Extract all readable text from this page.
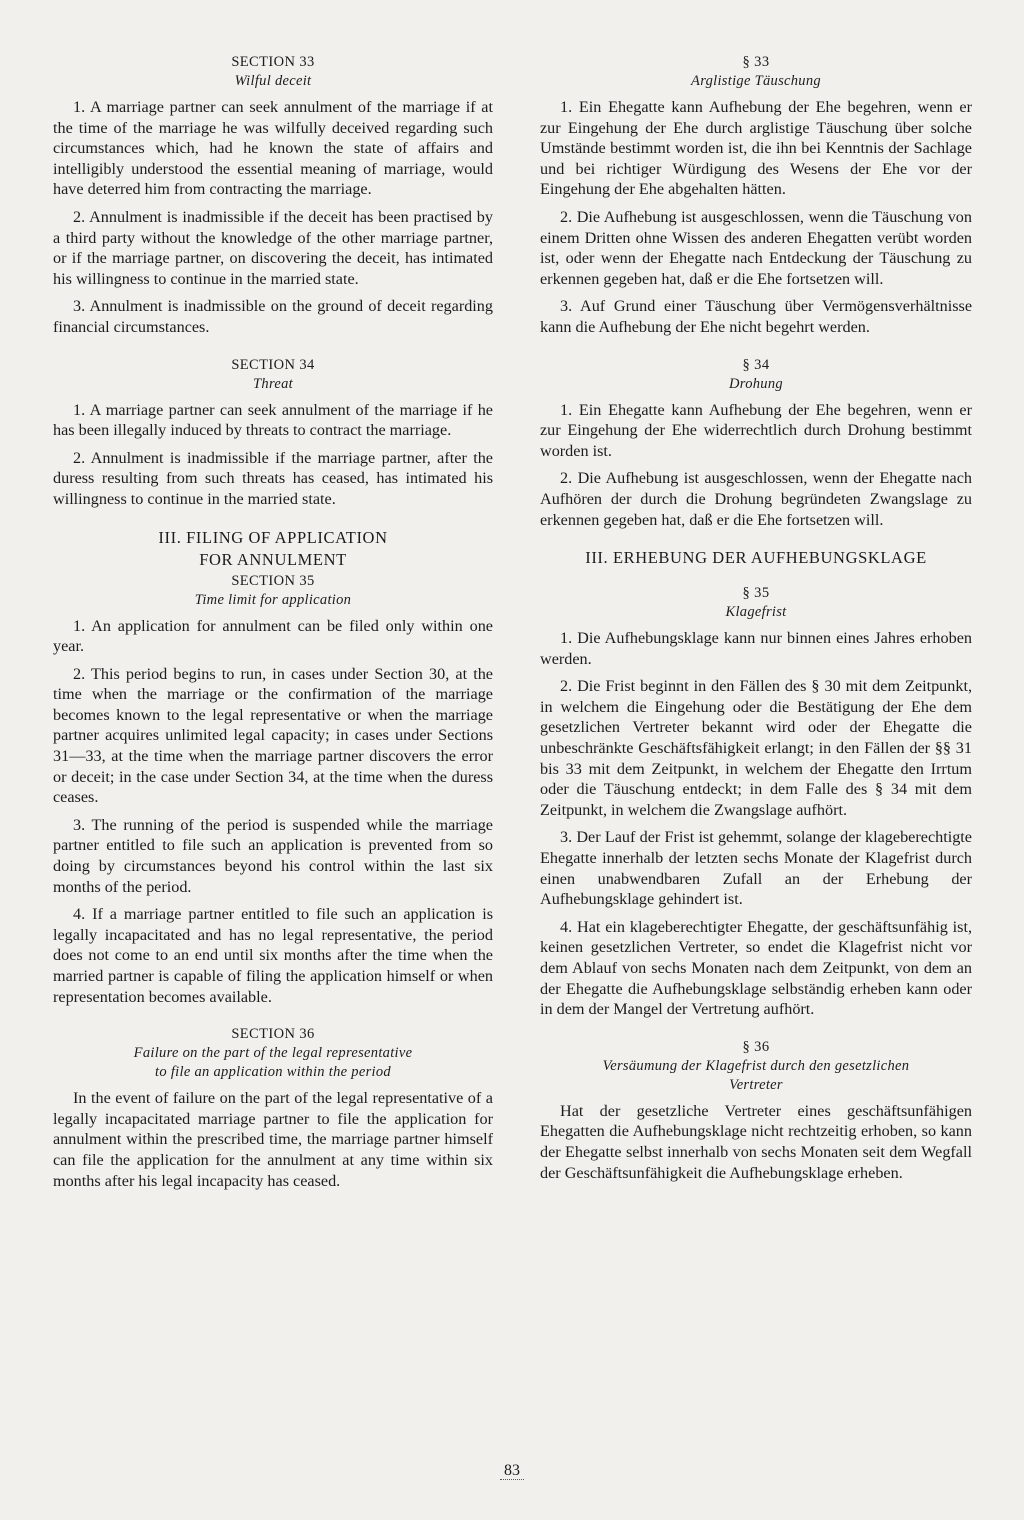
SECTION 33
Wilful deceit

1. A marriage partner can seek annulment of the marriage if at the time of the marriage he was wilfully deceived regarding such circumstances which, had he known the state of affairs and intelligibly understood the essential meaning of marriage, would have deterred him from contracting the marriage.

2. Annulment is inadmissible if the deceit has been practised by a third party without the knowledge of the other marriage partner, or if the marriage partner, on discovering the deceit, has intimated his willingness to continue in the married state.

3. Annulment is inadmissible on the ground of deceit regarding financial circumstances.

SECTION 34
Threat

1. A marriage partner can seek annulment of the marriage if he has been illegally induced by threats to contract the marriage.

2. Annulment is inadmissible if the marriage partner, after the duress resulting from such threats has ceased, has intimated his willingness to continue in the married state.

III. FILING OF APPLICATION
FOR ANNULMENT
SECTION 35
Time limit for application

1. An application for annulment can be filed only within one year.

2. This period begins to run, in cases under Section 30, at the time when the marriage or the confirmation of the marriage becomes known to the legal representative or when the marriage partner acquires unlimited legal capacity; in cases under Sections 31—33, at the time when the marriage partner discovers the error or deceit; in the case under Section 34, at the time when the duress ceases.

3. The running of the period is suspended while the marriage partner entitled to file such an application is prevented from so doing by circumstances beyond his control within the last six months of the period.

4. If a marriage partner entitled to file such an application is legally incapacitated and has no legal representative, the period does not come to an end until six months after the time when the married partner is capable of filing the application himself or when representation becomes available.

SECTION 36
Failure on the part of the legal representative
to file an application within the period

In the event of failure on the part of the legal representative of a legally incapacitated marriage partner to file the application for annulment within the prescribed time, the marriage partner himself can file the application for the annulment at any time within six months after his legal incapacity has ceased.

§ 33
Arglistige Täuschung

1. Ein Ehegatte kann Aufhebung der Ehe begehren, wenn er zur Eingehung der Ehe durch arglistige Täuschung über solche Umstände bestimmt worden ist, die ihn bei Kenntnis der Sachlage und bei richtiger Würdigung des Wesens der Ehe vor der Eingehung der Ehe abgehalten hätten.

2. Die Aufhebung ist ausgeschlossen, wenn die Täuschung von einem Dritten ohne Wissen des anderen Ehegatten verübt worden ist, oder wenn der Ehegatte nach Entdeckung der Täuschung zu erkennen gegeben hat, daß er die Ehe fortsetzen will.

3. Auf Grund einer Täuschung über Vermögensverhältnisse kann die Aufhebung der Ehe nicht begehrt werden.

§ 34
Drohung

1. Ein Ehegatte kann Aufhebung der Ehe begehren, wenn er zur Eingehung der Ehe widerrechtlich durch Drohung bestimmt worden ist.

2. Die Aufhebung ist ausgeschlossen, wenn der Ehegatte nach Aufhören der durch die Drohung begründeten Zwangslage zu erkennen gegeben hat, daß er die Ehe fortsetzen will.

III. ERHEBUNG DER AUFHEBUNGSKLAGE
§ 35
Klagefrist

1. Die Aufhebungsklage kann nur binnen eines Jahres erhoben werden.

2. Die Frist beginnt in den Fällen des § 30 mit dem Zeitpunkt, in welchem die Eingehung oder die Bestätigung der Ehe dem gesetzlichen Vertreter bekannt wird oder der Ehegatte die unbeschränkte Geschäftsfähigkeit erlangt; in den Fällen der §§ 31 bis 33 mit dem Zeitpunkt, in welchem der Ehegatte den Irrtum oder die Täuschung entdeckt; in dem Falle des § 34 mit dem Zeitpunkt, in welchem die Zwangslage aufhört.

3. Der Lauf der Frist ist gehemmt, solange der klageberechtigte Ehegatte innerhalb der letzten sechs Monate der Klagefrist durch einen unabwendbaren Zufall an der Erhebung der Aufhebungsklage gehindert ist.

4. Hat ein klageberechtigter Ehegatte, der geschäftsunfähig ist, keinen gesetzlichen Vertreter, so endet die Klagefrist nicht vor dem Ablauf von sechs Monaten nach dem Zeitpunkt, von dem an der Ehegatte die Aufhebungsklage selbständig erheben kann oder in dem der Mangel der Vertretung aufhört.

§ 36
Versäumung der Klagefrist durch den gesetzlichen
Vertreter

Hat der gesetzliche Vertreter eines geschäftsunfähigen Ehegatten die Aufhebungsklage nicht rechtzeitig erhoben, so kann der Ehegatte selbst innerhalb von sechs Monaten seit dem Wegfall der Geschäftsunfähigkeit die Aufhebungsklage erheben.

83
